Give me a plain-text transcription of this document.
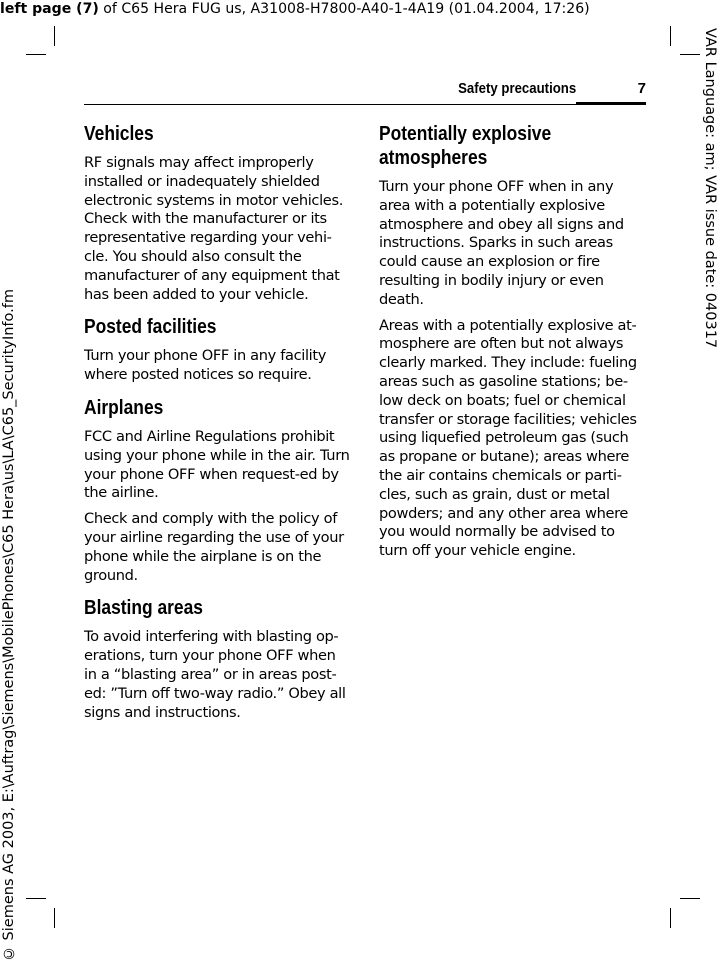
left page (7) of C65 Hera FUG us, A31008-H7800-A40-1-4A19 (01.04.2004, 17:26)
VAR Language: am; VAR issue date: 040317
© Siemens AG 2003, E:\Auftrag\Siemens\MobilePhones\C65 Hera\us\LA\C65_SecurityInfo.fm
Safety precautions	7
Vehicles

RF signals may affect improperly installed or inadequately shielded electronic systems in motor vehicles. Check with the manufacturer or its representative regarding your vehi-cle. You should also consult the manufacturer of any equipment that has been added to your vehicle.

Posted facilities

Turn your phone OFF in any facility where posted notices so require.

Airplanes

FCC and Airline Regulations prohibit using your phone while in the air. Turn your phone OFF when request-ed by the airline.

Check and comply with the policy of your airline regarding the use of your phone while the airplane is on the ground.

Blasting areas

To avoid interfering with blasting op-erations, turn your phone OFF when in a “blasting area” or in areas post-ed: ”Turn off two-way radio.” Obey all signs and instructions.

Potentially explosive atmospheres

Turn your phone OFF when in any area with a potentially explosive atmosphere and obey all signs and instructions. Sparks in such areas could cause an explosion or fire resulting in bodily injury or even death.

Areas with a potentially explosive at-mosphere are often but not always clearly marked. They include: fueling areas such as gasoline stations; be-low deck on boats; fuel or chemical transfer or storage facilities; vehicles using liquefied petroleum gas (such as propane or butane); areas where the air contains chemicals or parti-cles, such as grain, dust or metal powders; and any other area where you would normally be advised to turn off your vehicle engine.
